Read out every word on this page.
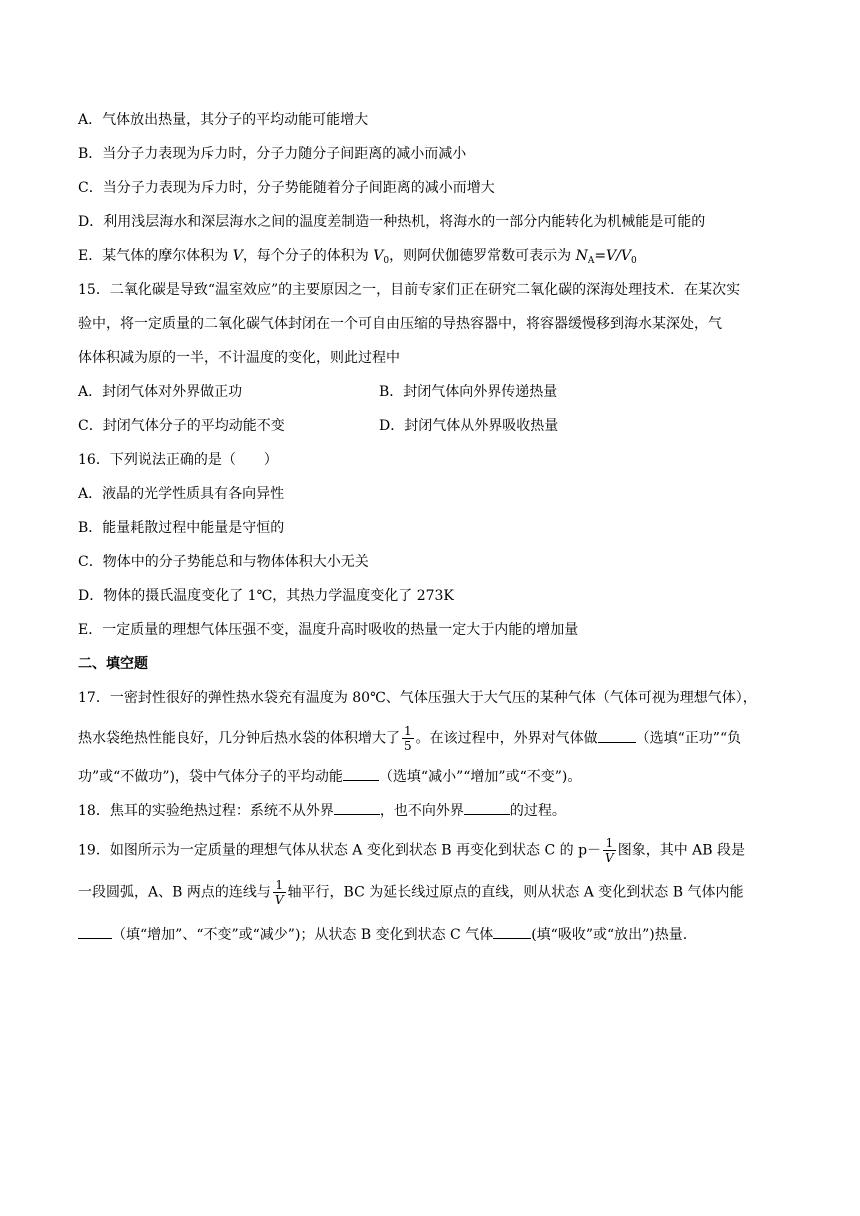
A．气体放出热量，其分子的平均动能可能增大
B．当分子力表现为斥力时，分子力随分子间距离的减小而减小
C．当分子力表现为斥力时，分子势能随着分子间距离的减小而增大
D．利用浅层海水和深层海水之间的温度差制造一种热机，将海水的一部分内能转化为机械能是可能的
E．某气体的摩尔体积为 V，每个分子的体积为 $V_0$，则阿伏伽德罗常数可表示为 $N_A=V/V_0$
15．二氧化碳是导致“温室效应”的主要原因之一，目前专家们正在研究二氧化碳的深海处理技术．在某次实
验中，将一定质量的二氧化碳气体封闭在一个可自由压缩的导热容器中，将容器缓慢移到海水某深处，气
体体积减为原的一半，不计温度的变化，则此过程中
A．封闭气体对外界做正功	B．封闭气体向外界传递热量
C．封闭气体分子的平均动能不变	D．封闭气体从外界吸收热量
16．下列说法正确的是（　　）
A．液晶的光学性质具有各向异性
B．能量耗散过程中能量是守恒的
C．物体中的分子势能总和与物体体积大小无关
D．物体的摄氏温度变化了 1℃，其热力学温度变化了 273K
E．一定质量的理想气体压强不变，温度升高时吸收的热量一定大于内能的增加量
二、填空题
17．一密封性很好的弹性热水袋充有温度为 80℃、气体压强大于大气压的某种气体（气体可视为理想气体），
热水袋绝热性能良好，几分钟后热水袋的体积增大了 $\frac{1}{5}$ 。在该过程中，外界对气体做	（选填“正功”“负
功”或“不做功”)，袋中气体分子的平均动能	（选填“减小”“增加”或“不变”)。
18．焦耳的实验绝热过程：系统不从外界	，也不向外界	的过程。
19．如图所示为一定质量的理想气体从状态 A 变化到状态 B 再变化到状态 C 的 $p- \frac{1}{V}$ 图象，其中 AB 段是
一段圆弧，A、B 两点的连线与 $\frac{1}{V}$ 轴平行，BC 为延长线过原点的直线，则从状态 A 变化到状态 B 气体内能
（填“增加”、“不变”或“减少”)；从状态 B 变化到状态 C 气体	(填“吸收”或“放出”)热量.
